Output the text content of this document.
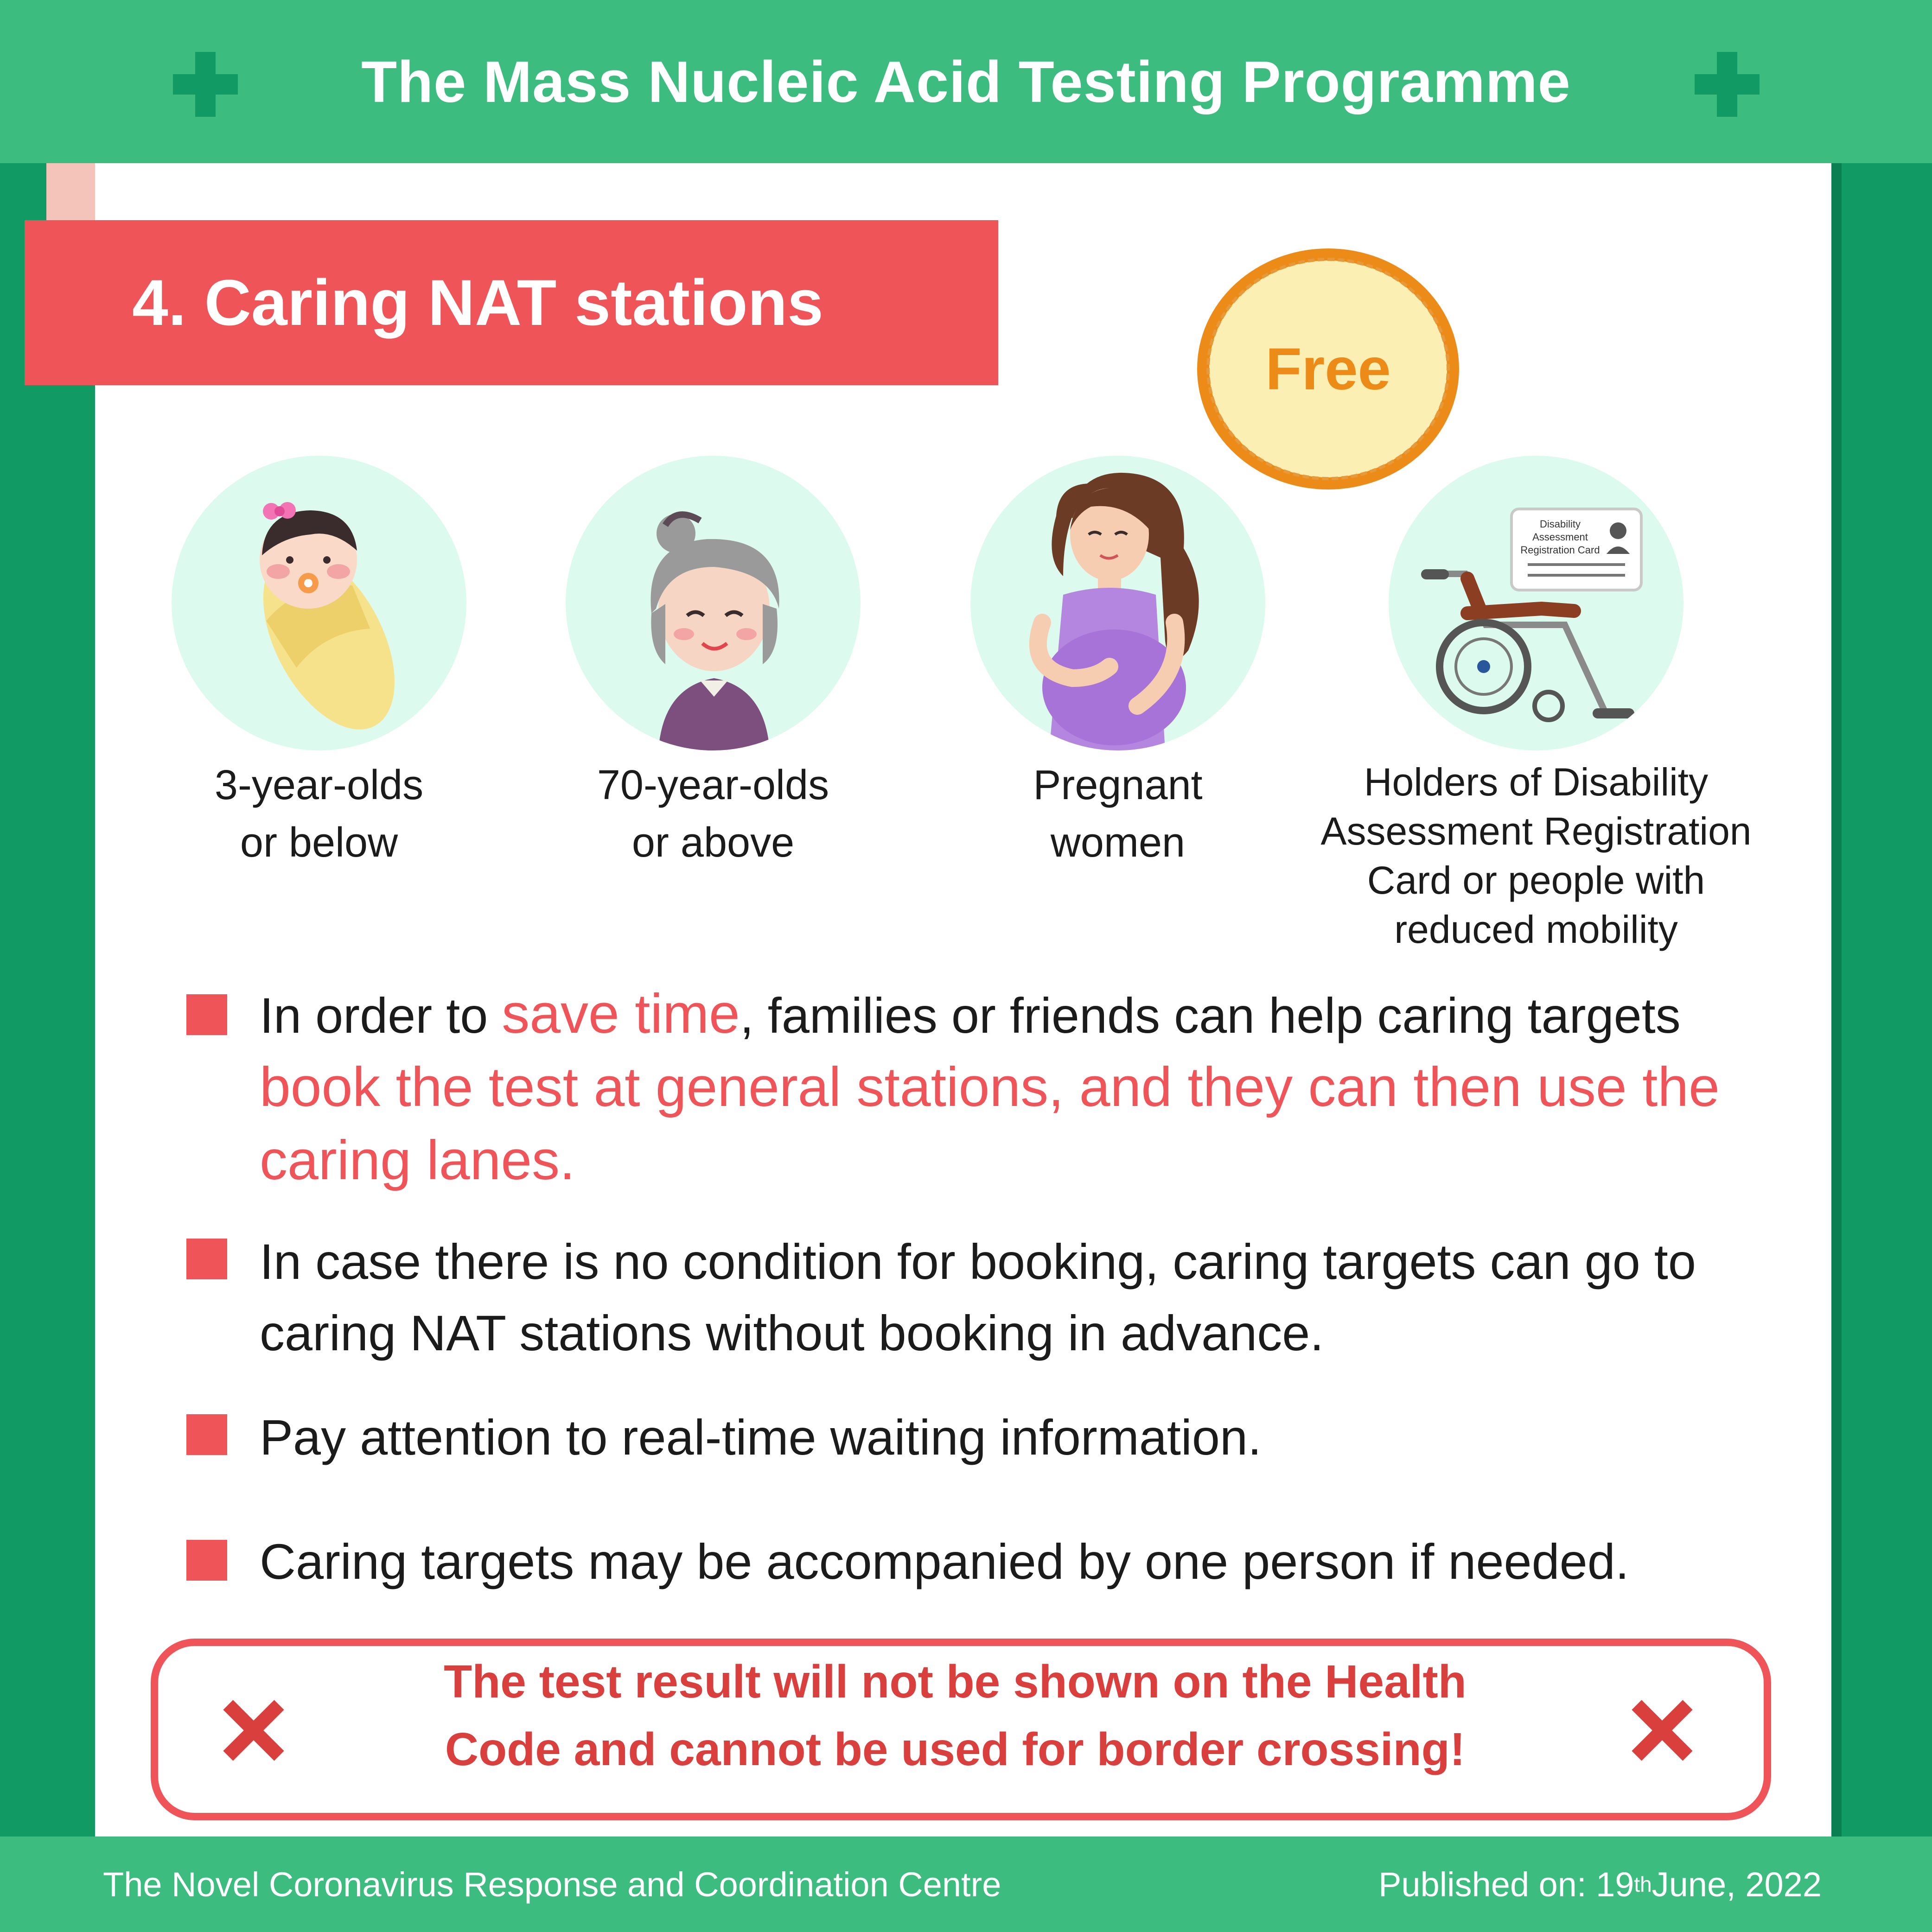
The Mass Nucleic Acid Testing Programme
4. Caring NAT stations
Free
Disability
Assessment
Registration Card
3-year-olds
or below
70-year-olds
or above
Pregnant
women
Holders of Disability
Assessment Registration
Card or people with
reduced mobility
In order to save time, families or friends can help caring targets book the test at general stations, and they can then use the caring lanes.
In case there is no condition for booking, caring targets can go to caring NAT stations without booking in advance.
Pay attention to real-time waiting information.
Caring targets may be accompanied by one person if needed.
The test result will not be shown on the Health
Code and cannot be used for border crossing!
The Novel Coronavirus Response and Coordination Centre	Published on: 19 th June, 2022
